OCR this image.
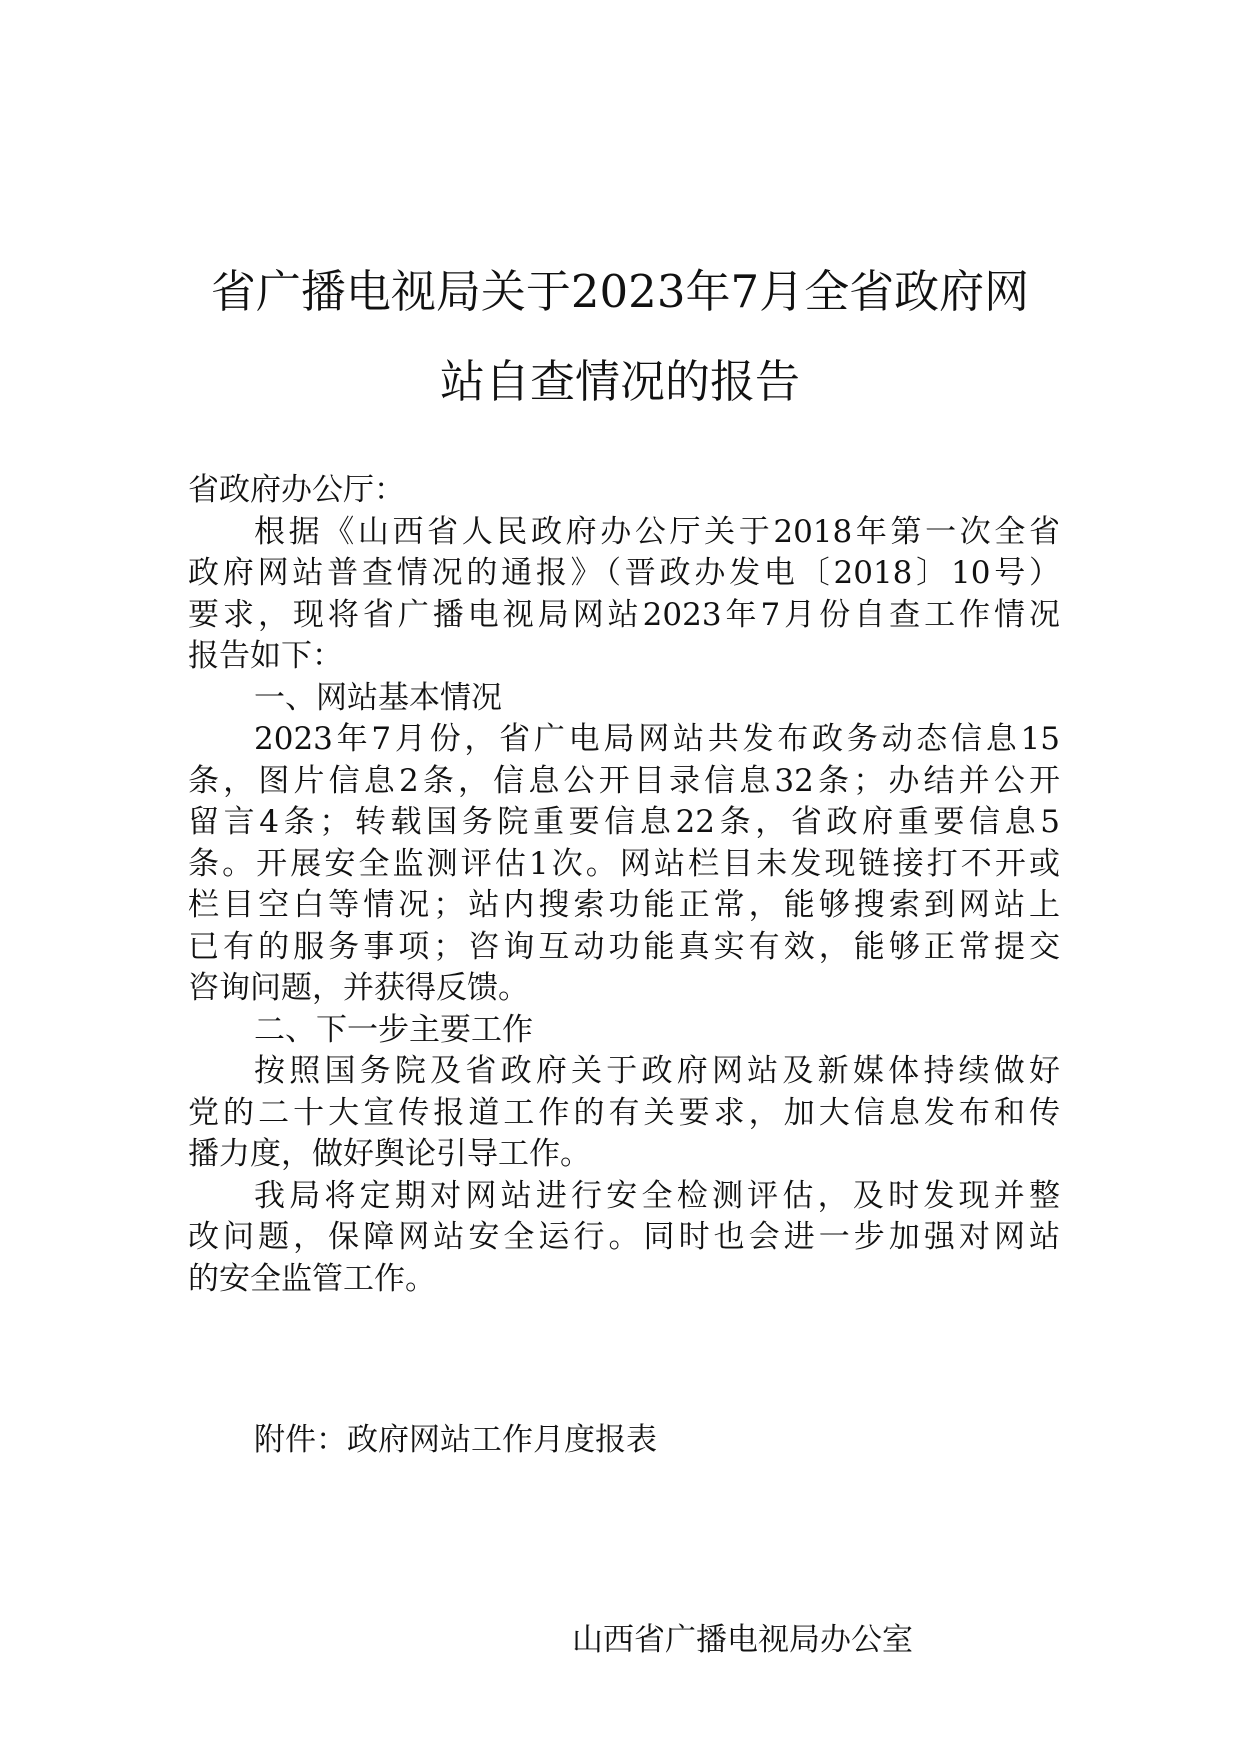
省广播电视局关于2023年7月全省政府网
站自查情况的报告
省政府办公厅：
根据《山西省人民政府办公厅关于2018年第一次全省
政府网站普查情况的通报》（晋政办发电〔2018〕10号）
要求，现将省广播电视局网站2023年7月份自查工作情况
报告如下：
一、网站基本情况
2023年7月份，省广电局网站共发布政务动态信息15
条，图片信息2条，信息公开目录信息32条；办结并公开
留言4条；转载国务院重要信息22条，省政府重要信息5
条。开展安全监测评估1次。网站栏目未发现链接打不开或
栏目空白等情况；站内搜索功能正常，能够搜索到网站上
已有的服务事项；咨询互动功能真实有效，能够正常提交
咨询问题，并获得反馈。
二、下一步主要工作
按照国务院及省政府关于政府网站及新媒体持续做好
党的二十大宣传报道工作的有关要求，加大信息发布和传
播力度，做好舆论引导工作。
我局将定期对网站进行安全检测评估，及时发现并整
改问题，保障网站安全运行。同时也会进一步加强对网站
的安全监管工作。
附件：政府网站工作月度报表
山西省广播电视局办公室
